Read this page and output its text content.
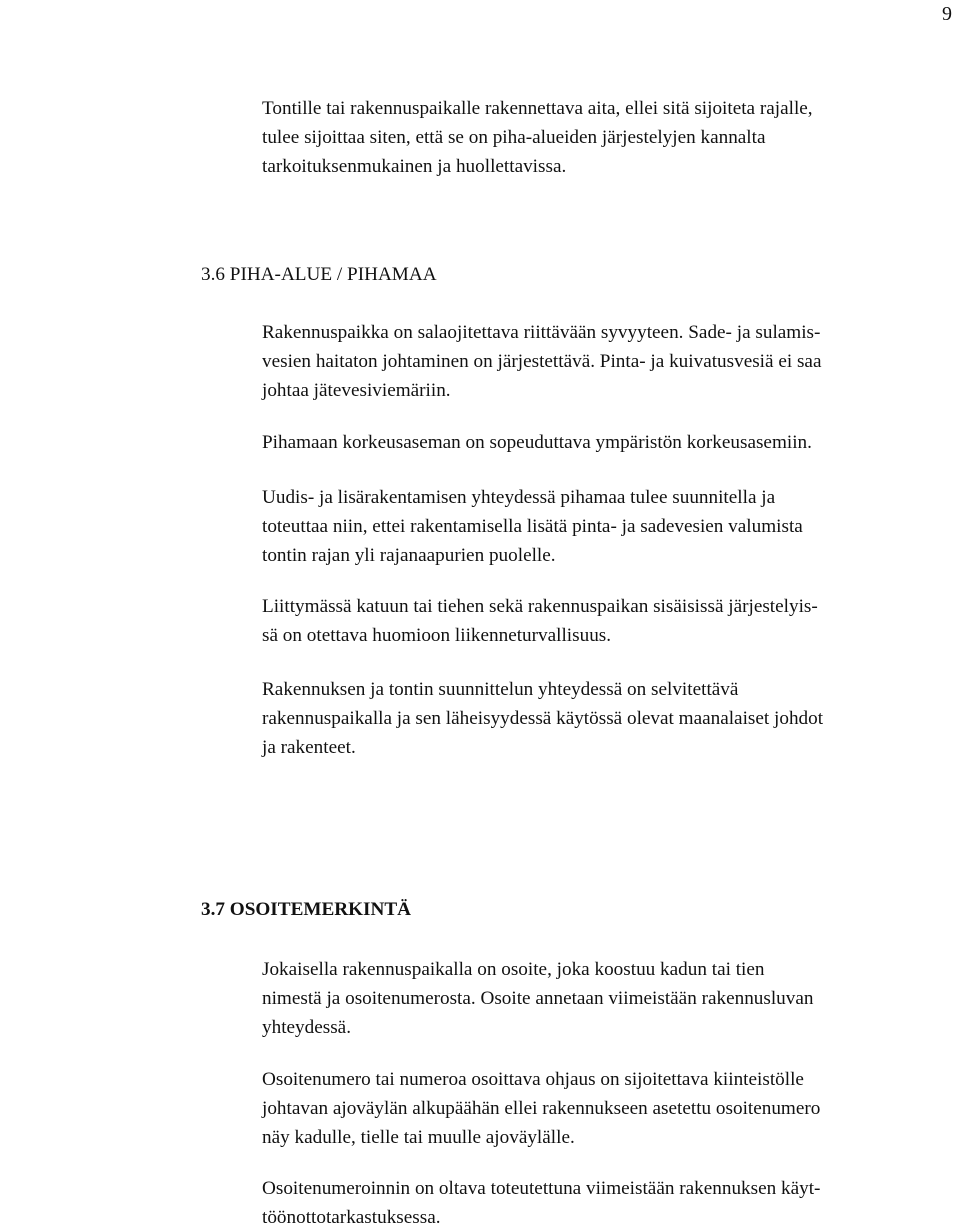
9

Tontille tai rakennuspaikalle rakennettava aita, ellei sitä sijoiteta rajalle,
tulee sijoittaa siten, että se on piha-alueiden järjestelyjen kannalta
tarkoituksenmukainen ja huollettavissa.

3.6 PIHA-ALUE / PIHAMAA

Rakennuspaikka on salaojitettava riittävään syvyyteen. Sade- ja sulamis-
vesien haitaton johtaminen on järjestettävä. Pinta- ja kuivatusvesiä ei saa
johtaa jätevesiviemäriin.

Pihamaan korkeusaseman on sopeuduttava ympäristön korkeusasemiin.

Uudis- ja lisärakentamisen yhteydessä pihamaa tulee suunnitella ja
toteuttaa niin, ettei rakentamisella lisätä pinta- ja sadevesien valumista
tontin rajan yli rajanaapurien puolelle.

Liittymässä katuun tai tiehen sekä rakennuspaikan sisäisissä järjestelyis-
sä on otettava huomioon liikenneturvallisuus.

Rakennuksen ja tontin suunnittelun yhteydessä on selvitettävä
rakennuspaikalla ja sen läheisyydessä käytössä olevat maanalaiset johdot
ja rakenteet.

3.7 OSOITEMERKINTÄ

Jokaisella rakennuspaikalla on osoite, joka koostuu kadun tai tien
nimestä ja osoitenumerosta. Osoite annetaan viimeistään rakennusluvan
yhteydessä.

Osoitenumero tai numeroa osoittava ohjaus on sijoitettava kiinteistölle
johtavan ajoväylän alkupäähän ellei rakennukseen asetettu osoitenumero
näy kadulle, tielle tai muulle ajoväylälle.

Osoitenumeroinnin on oltava toteutettuna viimeistään rakennuksen käyt-
töönottotarkastuksessa.
